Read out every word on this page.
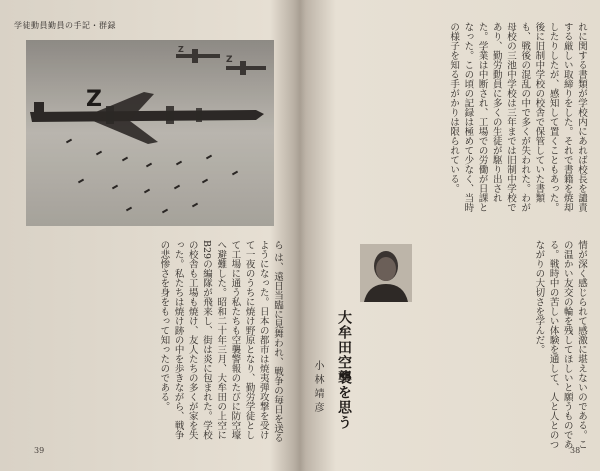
学徒動員勤員の手記・群録
Z
Z
Z
ら は、遠日当臨に見舞われ、戦争の毎日を送るようになった。日本の都市は焼夷弾攻撃を受けて一夜のうちに焼け野原となり、勤労学徒として工場に通う私たちも空襲警報のたびに防空壕へ避難した。昭和二十年三月、大牟田の上空にB29の編隊が飛来し、街は炎に包まれた。学校の校舎も工場も焼け、友人たちの多くが家を失った。私たちは焼け跡の中を歩きながら、戦争の悲惨さを身をもって知ったのである。
39
れに関する書類が学校内にあれば校長を譴責する厳しい取締りをした。それで書籍を焼却したりしたが、感知して置くこともあった。後に旧制中学校の校舎で保管していた書類も、戦後の混乱の中で多くが失われた。わが母校の三池中学校は三年までは旧制中学校であり、勤労動員に多くの生徒が駆り出された。学業は中断され、工場での労働が日課となった。この頃の記録は極めて少なく、当時の様子を知る手がかりは限られている。
情が深く感じられて感激に堪えないのである。この温かい友交の輪を残してほしいと願うものである。戦時中の苦しい体験を通して、人と人とのつながりの大切さを学んだ。
大牟田空襲を思う
小林靖彦
38
